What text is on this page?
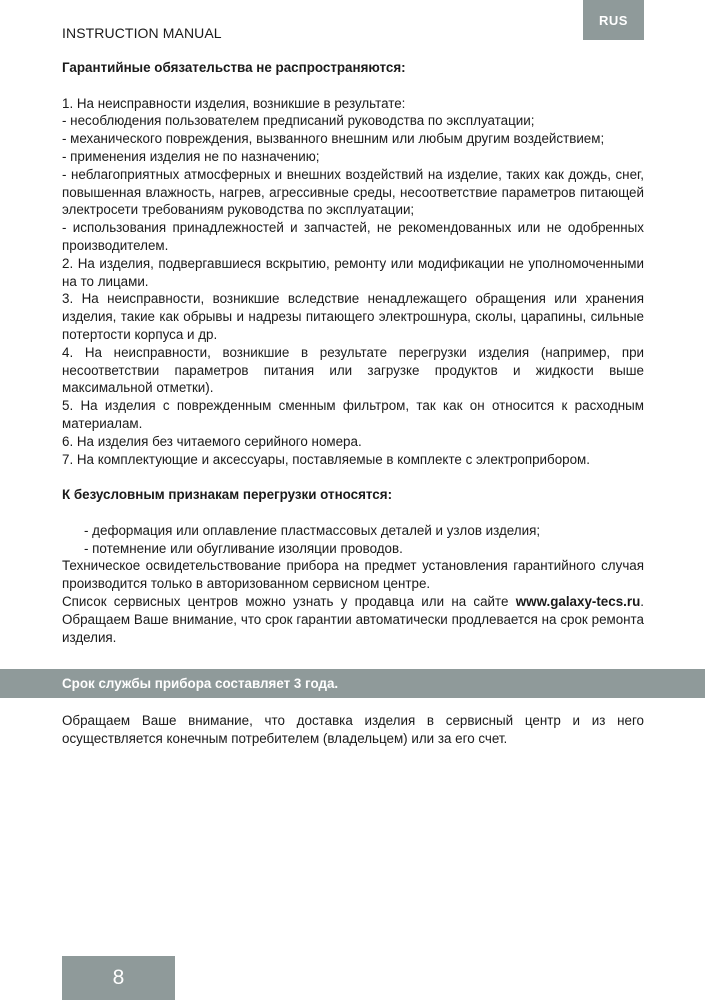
INSTRUCTION MANUAL
RUS

Гарантийные обязательства не распространяются:

1. На неисправности изделия, возникшие в результате:

- несоблюдения пользователем предписаний руководства по эксплуатации;

- механического повреждения, вызванного внешним или любым другим воздействием;

- применения изделия не по назначению;

- неблагоприятных атмосферных и внешних воздействий на изделие, таких как дождь, снег, повышенная влажность, нагрев, агрессивные среды, несоответствие параметров питающей электросети требованиям руководства по эксплуатации;

- использования принадлежностей и запчастей, не рекомендованных или не одобренных производителем.

2. На изделия, подвергавшиеся вскрытию, ремонту или модификации не уполномоченными на то лицами.

3. На неисправности, возникшие вследствие ненадлежащего обращения или хранения изделия, такие как обрывы и надрезы питающего электрошнура, сколы, царапины, сильные потертости корпуса и др.

4. На неисправности, возникшие в результате перегрузки изделия (например, при несоответствии параметров питания или загрузке продуктов и жидкости выше максимальной отметки).

5. На изделия с поврежденным сменным фильтром, так как он относится к расходным материалам.

6. На изделия без читаемого серийного номера.

7. На комплектующие и аксессуары, поставляемые в комплекте с электроприбором.

К безусловным признакам перегрузки относятся:

- деформация или оплавление пластмассовых деталей и узлов изделия;

- потемнение или обугливание изоляции проводов.

Техническое освидетельствование прибора на предмет установления гарантийного случая производится только в авторизованном сервисном центре.

Список сервисных центров можно узнать у продавца или на сайте www.galaxy-tecs.ru. Обращаем Ваше внимание, что срок гарантии автоматически продлевается на срок ремонта изделия.

Срок службы прибора составляет 3 года.

Обращаем Ваше внимание, что доставка изделия в сервисный центр и из него осуществляется конечным потребителем (владельцем) или за его счет.

8
